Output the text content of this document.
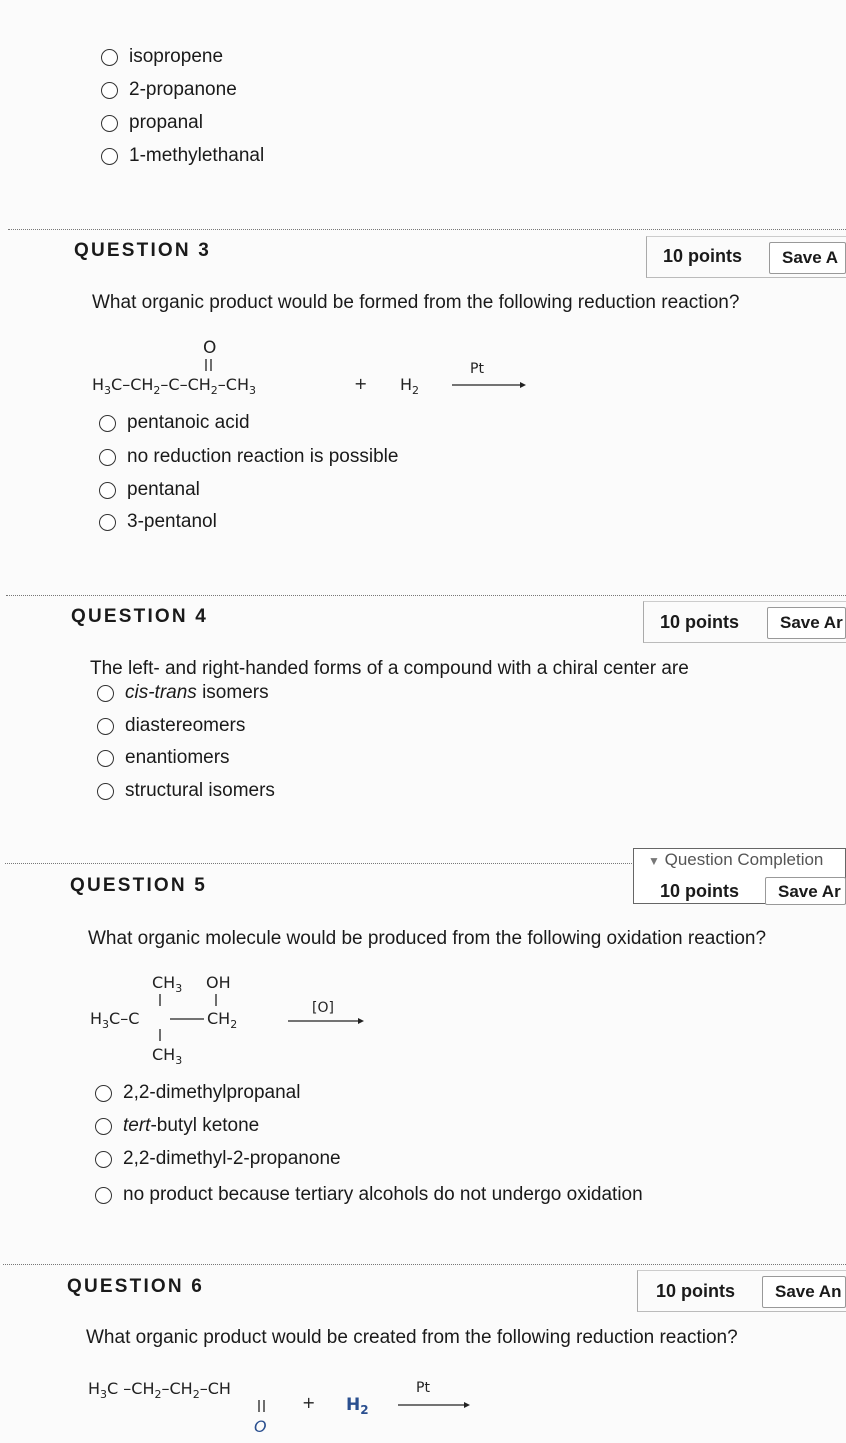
isopropene
2-propanone
propanal
1-methylethanal
QUESTION 3	10 points	Save A
What organic product would be formed from the following reduction reaction?
O
$H_3C-CH_2-C-CH_2-CH_3$	+ $H_2$
Pt
pentanoic acid
no reduction reaction is possible
pentanal
3-pentanol
QUESTION 4	10 points	Save Ar
The left- and right-handed forms of a compound with a chiral center are
cis-trans isomers
diastereomers
enantiomers
structural isomers
QUESTION 5
▼ Question Completion
10 points	Save Ar
What organic molecule would be produced from the following oxidation reaction?
$CH_3$ OH
$H_3C-C$	$CH_2$
$CH_3$
[O]
2,2-dimethylpropanal
tert-butyl ketone
2,2-dimethyl-2-propanone
no product because tertiary alcohols do not undergo oxidation
QUESTION 6	10 points	Save An
What organic product would be created from the following reduction reaction?
$H_3C$ $-CH_2-CH_2-CH$
O
+ $H_2$
Pt
